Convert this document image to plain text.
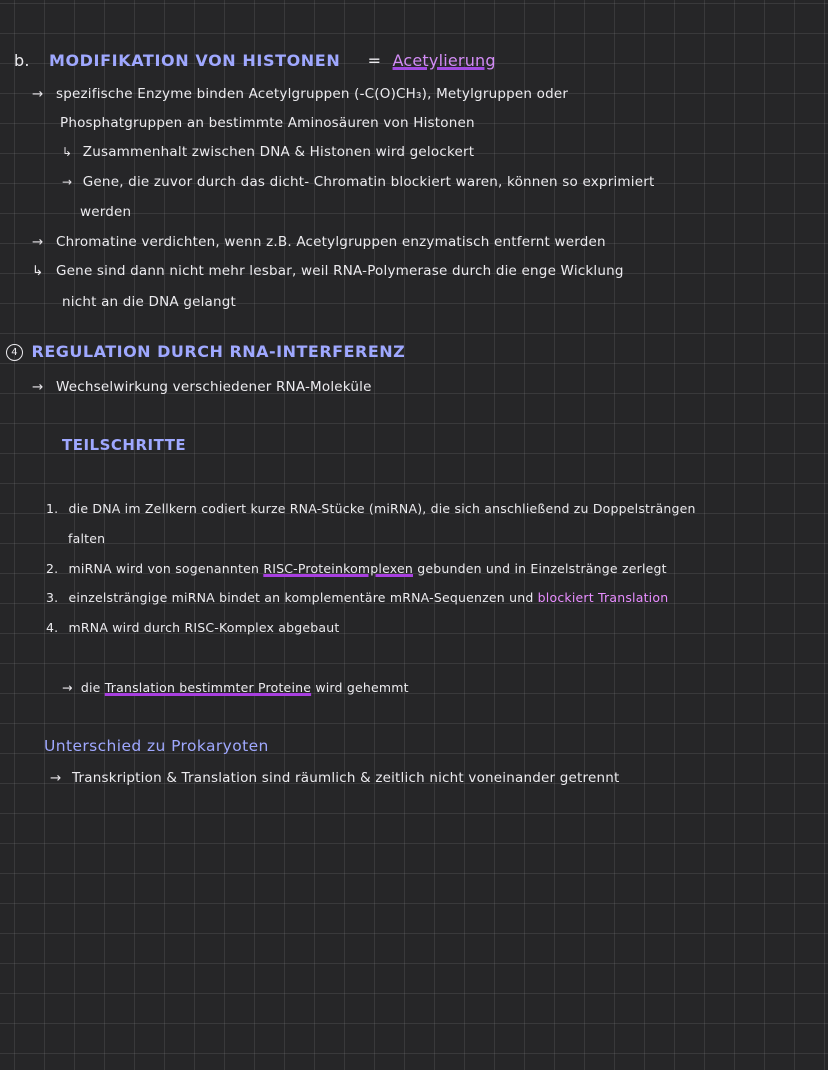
b. MODIFIKATION VON HISTONEN = Acetylierung
→ spezifische Enzyme binden Acetylgruppen (-C(O)CH₃), Metylgruppen oder
Phosphatgruppen an bestimmte Aminosäuren von Histonen
↳ Zusammenhalt zwischen DNA & Histonen wird gelockert
→ Gene, die zuvor durch das dicht- Chromatin blockiert waren, können so exprimiert
werden
→ Chromatine verdichten, wenn z.B. Acetylgruppen enzymatisch entfernt werden
↳ Gene sind dann nicht mehr lesbar, weil RNA-Polymerase durch die enge Wicklung
nicht an die DNA gelangt
4 REGULATION DURCH RNA-INTERFERENZ
→ Wechselwirkung verschiedener RNA-Moleküle
TEILSCHRITTE
1. die DNA im Zellkern codiert kurze RNA-Stücke (miRNA), die sich anschließend zu Doppelsträngen
falten
2. miRNA wird von sogenannten RISC-Proteinkomplexen gebunden und in Einzelstränge zerlegt
3. einzelsträngige miRNA bindet an komplementäre mRNA-Sequenzen und blockiert Translation
4. mRNA wird durch RISC-Komplex abgebaut
→ die Translation bestimmter Proteine wird gehemmt
Unterschied zu Prokaryoten
→ Transkription & Translation sind räumlich & zeitlich nicht voneinander getrennt
